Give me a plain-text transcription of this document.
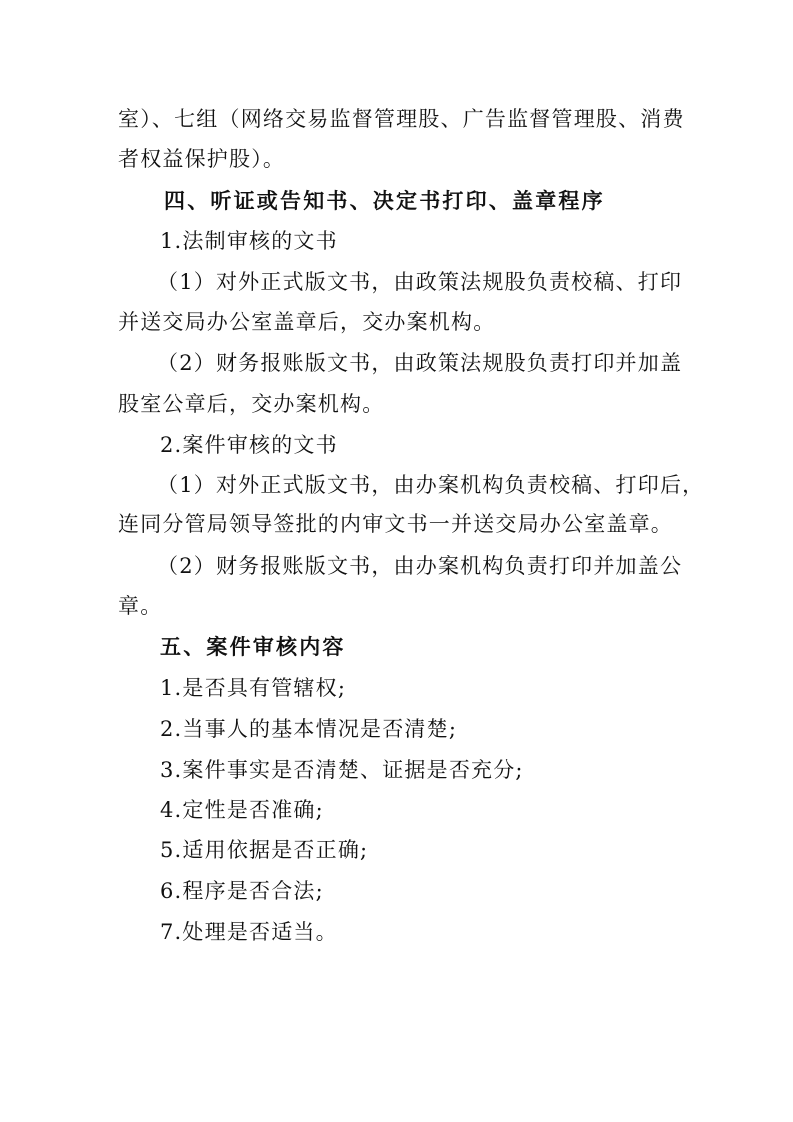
室）、七组（网络交易监督管理股、广告监督管理股、消费
者权益保护股）。
四、听证或告知书、决定书打印、盖章程序
1.法制审核的文书
（1）对外正式版文书，由政策法规股负责校稿、打印
并送交局办公室盖章后，交办案机构。
（2）财务报账版文书，由政策法规股负责打印并加盖
股室公章后，交办案机构。
2.案件审核的文书
（1）对外正式版文书，由办案机构负责校稿、打印后，
连同分管局领导签批的内审文书一并送交局办公室盖章。
（2）财务报账版文书，由办案机构负责打印并加盖公
章。
五、案件审核内容
1.是否具有管辖权;
2.当事人的基本情况是否清楚;
3.案件事实是否清楚、证据是否充分;
4.定性是否准确;
5.适用依据是否正确;
6.程序是否合法;
7.处理是否适当。
